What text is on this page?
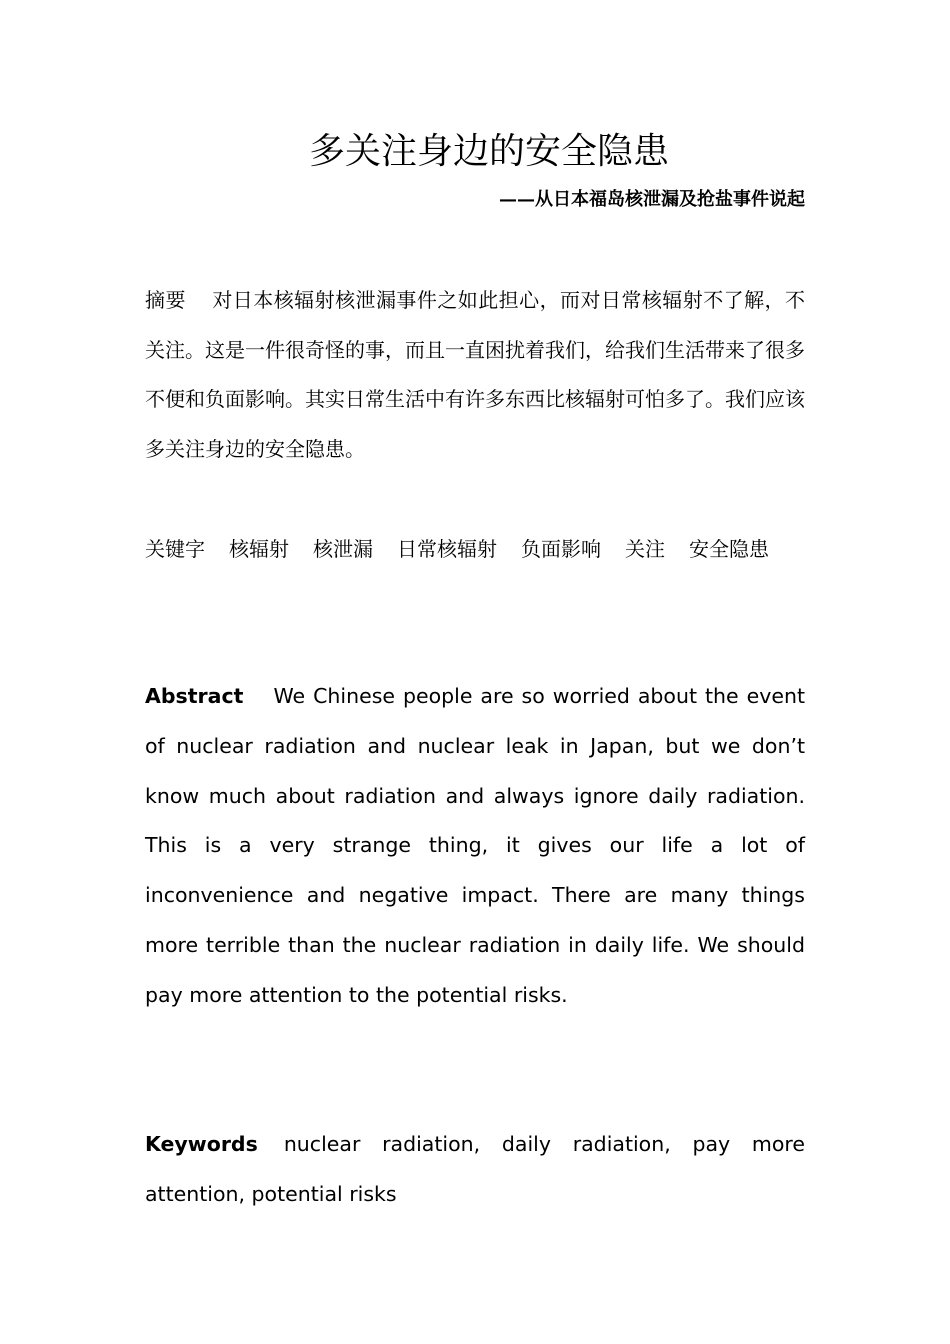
多关注身边的安全隐患
——从日本福岛核泄漏及抢盐事件说起
摘要 对日本核辐射核泄漏事件之如此担心，而对日常核辐射不了解，不关注。这是一件很奇怪的事，而且一直困扰着我们，给我们生活带来了很多不便和负面影响。其实日常生活中有许多东西比核辐射可怕多了。我们应该多关注身边的安全隐患。
关键字 核辐射 核泄漏 日常核辐射 负面影响 关注 安全隐患
Abstract We Chinese people are so worried about the event of nuclear radiation and nuclear leak in Japan, but we don’t know much about radiation and always ignore daily radiation. This is a very strange thing, it gives our life a lot of inconvenience and negative impact. There are many things more terrible than the nuclear radiation in daily life. We should pay more attention to the potential risks.
Keywords nuclear radiation, daily radiation, pay more attention, potential risks
